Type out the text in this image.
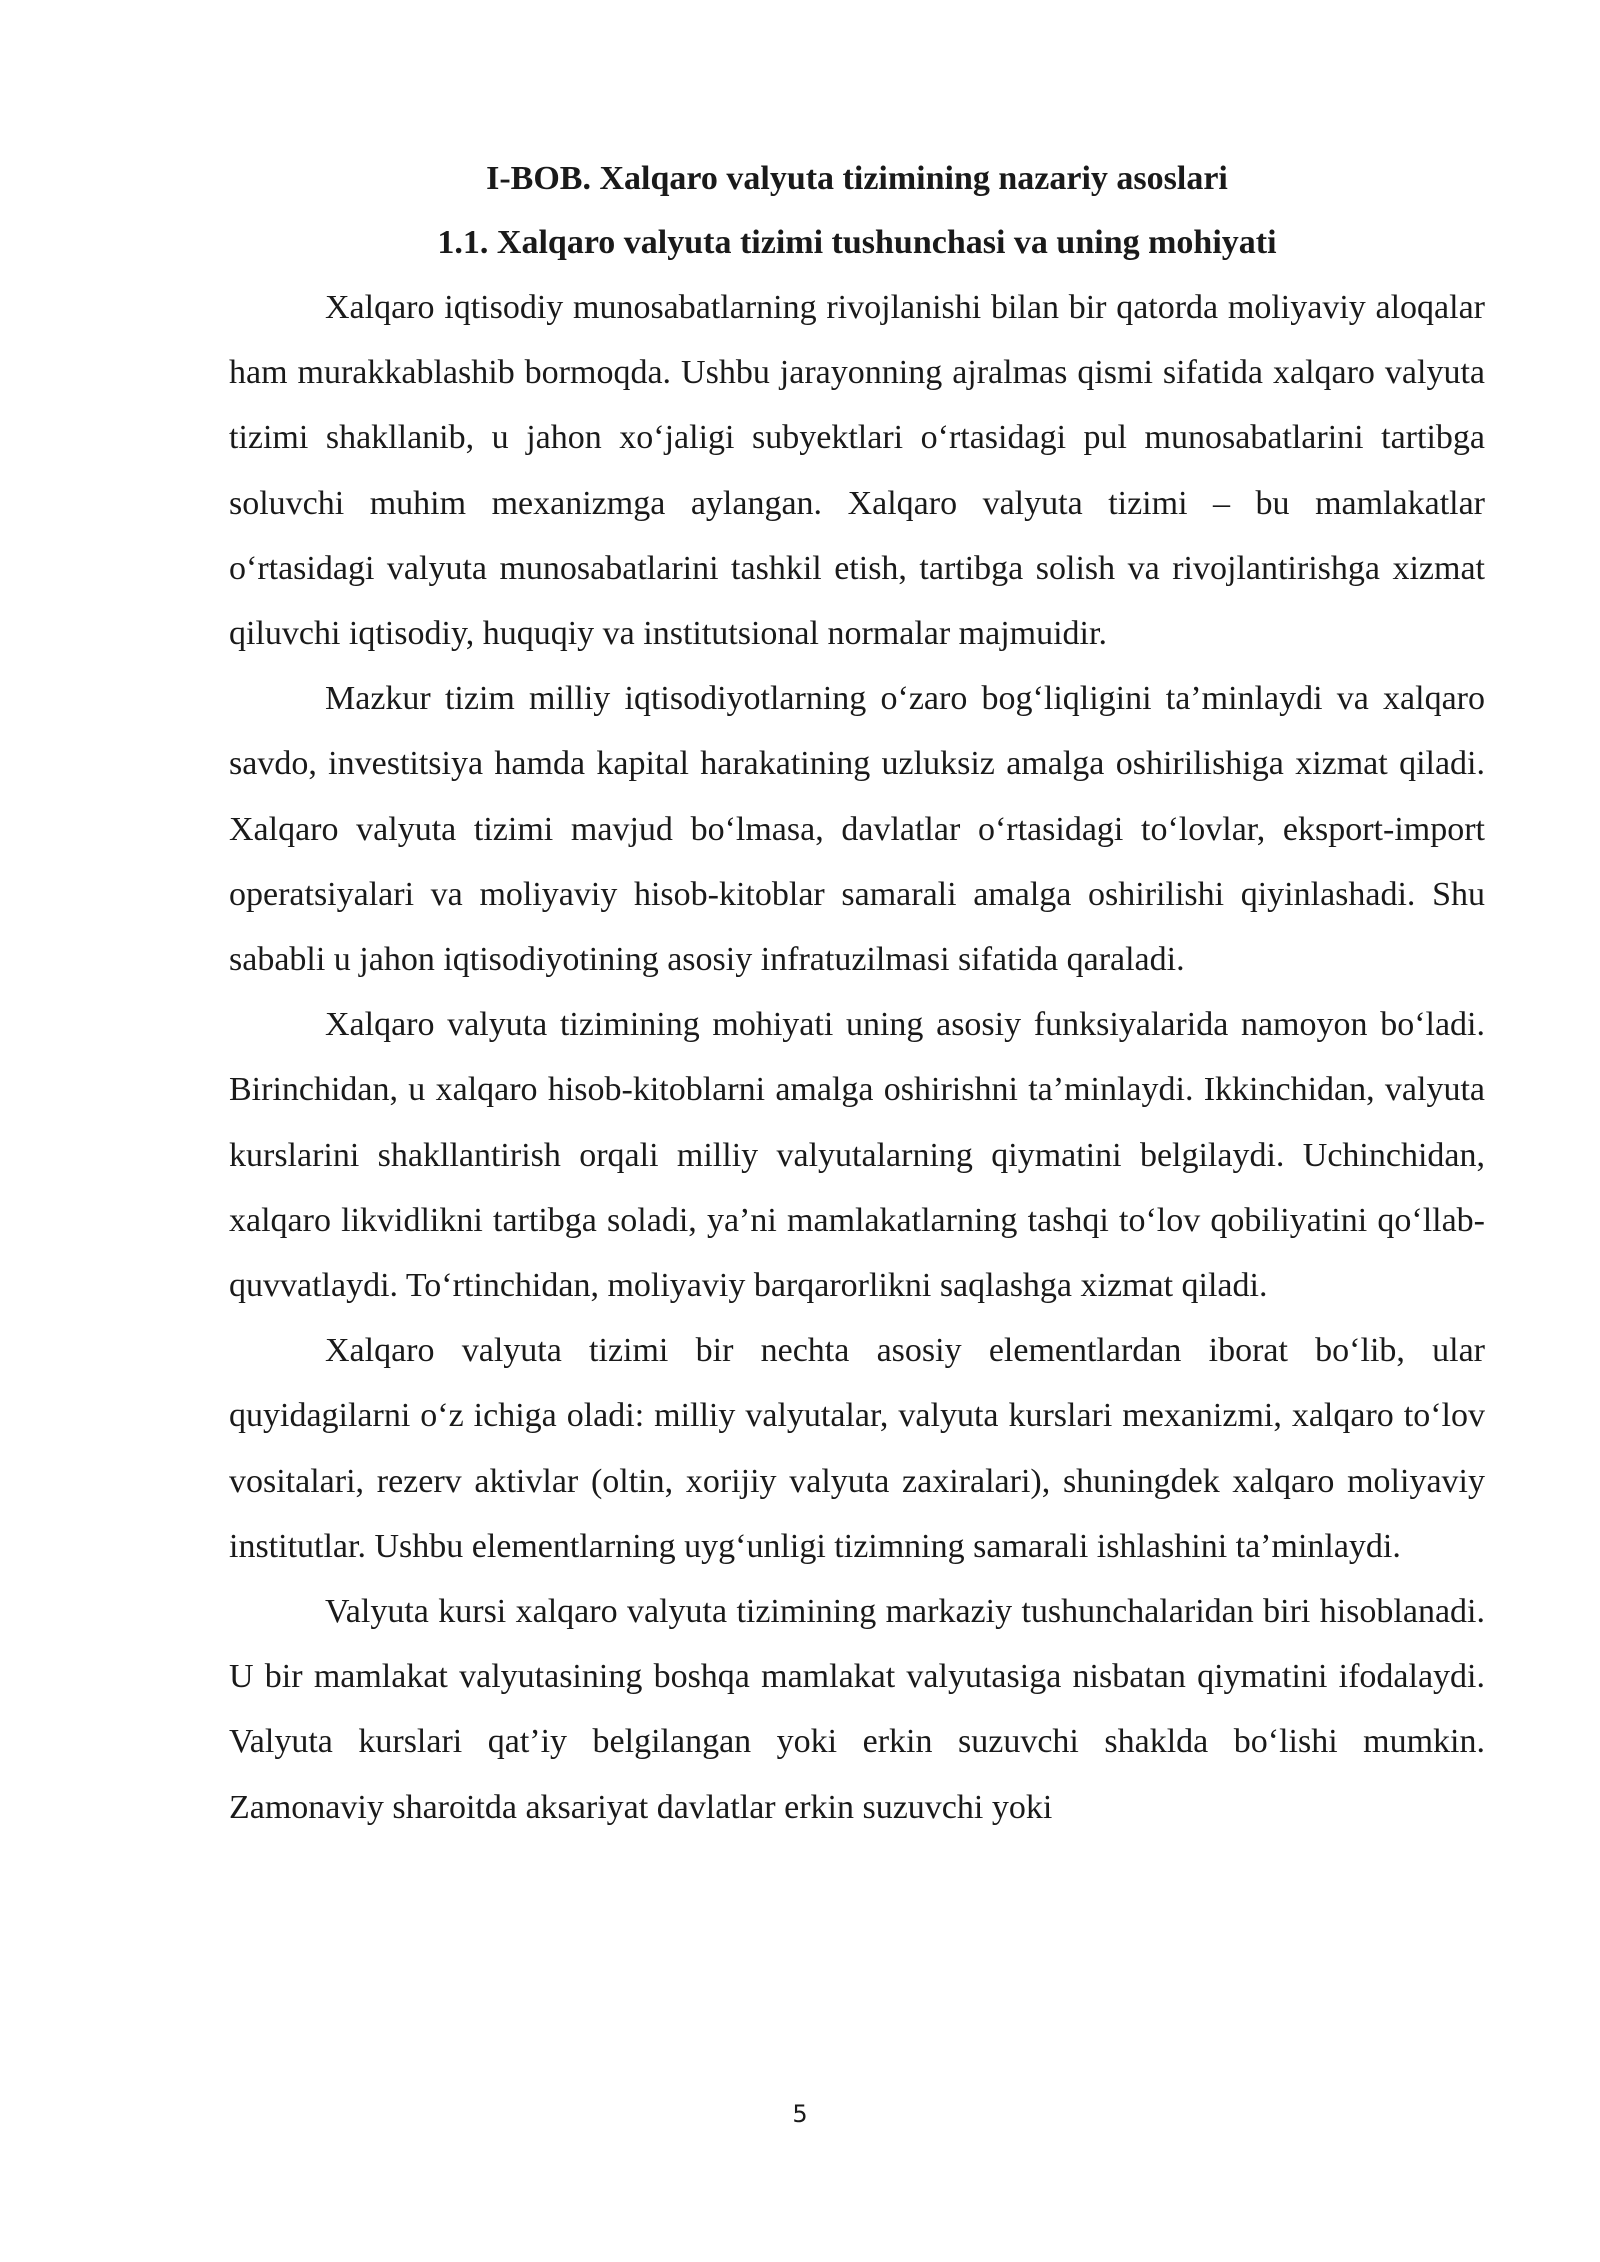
I-BOB. Xalqaro valyuta tizimining nazariy asoslari
1.1. Xalqaro valyuta tizimi tushunchasi va uning mohiyati

Xalqaro iqtisodiy munosabatlarning rivojlanishi bilan bir qatorda moliyaviy aloqalar ham murakkablashib bormoqda. Ushbu jarayonning ajralmas qismi sifatida xalqaro valyuta tizimi shakllanib, u jahon xo‘jaligi subyektlari o‘rtasidagi pul munosabatlarini tartibga soluvchi muhim mexanizmga aylangan. Xalqaro valyuta tizimi – bu mamlakatlar o‘rtasidagi valyuta munosabatlarini tashkil etish, tartibga solish va rivojlantirishga xizmat qiluvchi iqtisodiy, huquqiy va institutsional normalar majmuidir.

Mazkur tizim milliy iqtisodiyotlarning o‘zaro bog‘liqligini ta’minlaydi va xalqaro savdo, investitsiya hamda kapital harakatining uzluksiz amalga oshirilishiga xizmat qiladi. Xalqaro valyuta tizimi mavjud bo‘lmasa, davlatlar o‘rtasidagi to‘lovlar, eksport-import operatsiyalari va moliyaviy hisob-kitoblar samarali amalga oshirilishi qiyinlashadi. Shu sababli u jahon iqtisodiyotining asosiy infratuzilmasi sifatida qaraladi.

Xalqaro valyuta tizimining mohiyati uning asosiy funksiyalarida namoyon bo‘ladi. Birinchidan, u xalqaro hisob-kitoblarni amalga oshirishni ta’minlaydi. Ikkinchidan, valyuta kurslarini shakllantirish orqali milliy valyutalarning qiymatini belgilaydi. Uchinchidan, xalqaro likvidlikni tartibga soladi, ya’ni mamlakatlarning tashqi to‘lov qobiliyatini qo‘llab-quvvatlaydi. To‘rtinchidan, moliyaviy barqarorlikni saqlashga xizmat qiladi.

Xalqaro valyuta tizimi bir nechta asosiy elementlardan iborat bo‘lib, ular quyidagilarni o‘z ichiga oladi: milliy valyutalar, valyuta kurslari mexanizmi, xalqaro to‘lov vositalari, rezerv aktivlar (oltin, xorijiy valyuta zaxiralari), shuningdek xalqaro moliyaviy institutlar. Ushbu elementlarning uyg‘unligi tizimning samarali ishlashini ta’minlaydi.

Valyuta kursi xalqaro valyuta tizimining markaziy tushunchalaridan biri hisoblanadi. U bir mamlakat valyutasining boshqa mamlakat valyutasiga nisbatan qiymatini ifodalaydi. Valyuta kurslari qat’iy belgilangan yoki erkin suzuvchi shaklda bo‘lishi mumkin. Zamonaviy sharoitda aksariyat davlatlar erkin suzuvchi yoki

5
